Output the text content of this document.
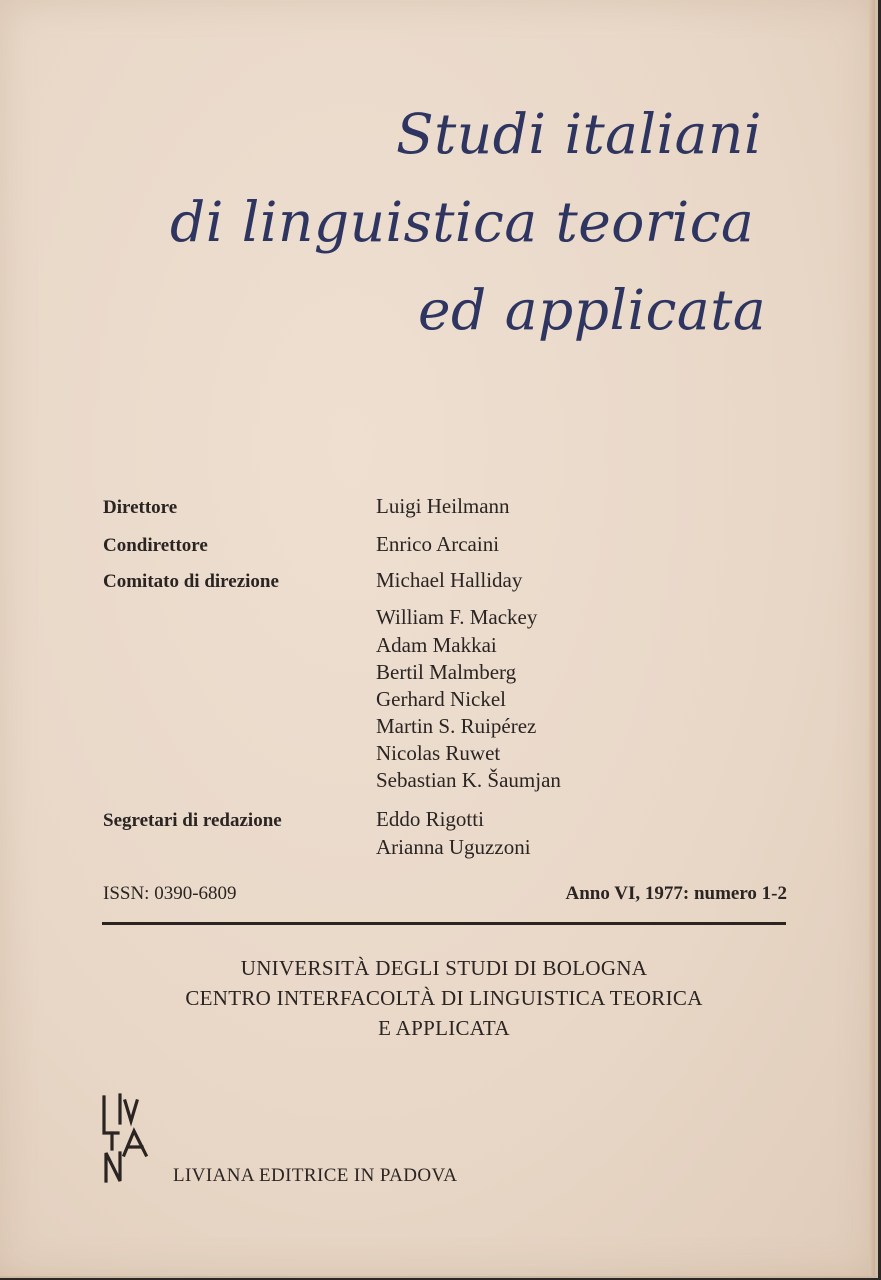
Studi italiani
di linguistica teorica
ed applicata
Direttore	Luigi Heilmann
Condirettore	Enrico Arcaini
Comitato di direzione	Michael Halliday
William F. Mackey
Adam Makkai
Bertil Malmberg
Gerhard Nickel
Martin S. Ruipérez
Nicolas Ruwet
Sebastian K. Šaumjan
Segretari di redazione	Eddo Rigotti
Arianna Uguzzoni
ISSN: 0390-6809	Anno VI, 1977: numero 1-2
UNIVERSITÀ DEGLI STUDI DI BOLOGNA
CENTRO INTERFACOLTÀ DI LINGUISTICA TEORICA
E APPLICATA
LIVIANA EDITRICE IN PADOVA
